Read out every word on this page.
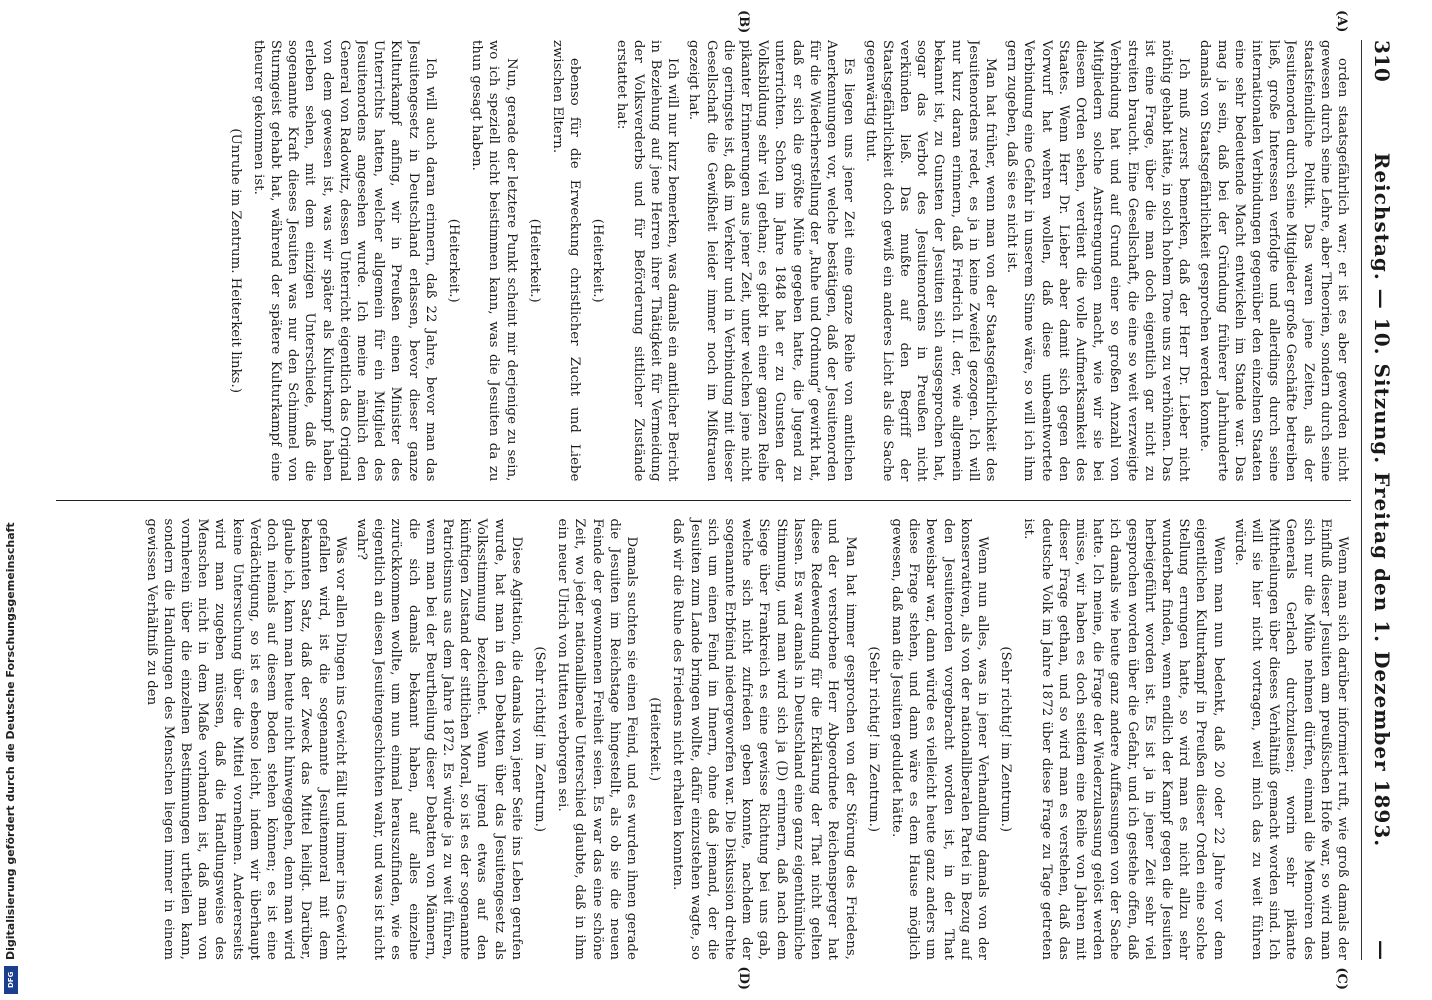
310
Reichstag. — 10. Sitzung. Freitag den 1. Dezember 1893.
—
(A)
(B)

orden staatsgefährlich war; er ist es aber geworden nicht gewesen durch seine Lehre, aber Theorien, sondern durch seine staatsfeindliche Politik. Das waren jene Zeiten, als der Jesuitenorden durch seine Mitglieder große Geschäfte betreiben ließ, große Interessen verfolgte und allerdings durch seine internationalen Verbindungen gegenüber den einzelnen Staaten eine sehr bedeutende Macht entwickeln im Stande war. Das mag ja sein, daß bei der Gründung früherer Jahrhunderte damals von Staatsgefährlichkeit gesprochen werden konnte.

Ich muß zuerst bemerken, daß der Herr Dr. Lieber nicht nöthig gehabt hätte, in solch hohem Tone uns zu verhöhnen. Das ist eine Frage, über die man doch eigentlich gar nicht zu streiten braucht. Eine Gesellschaft, die eine so weit verzweigte Verbindung hat und auf Grund einer so großen Anzahl von Mitgliedern solche Anstrengungen macht, wie wir sie bei diesem Orden sehen, verdient die volle Aufmerksamkeit des Staates. Wenn Herr Dr. Lieber aber damit sich gegen den Vorwurf hat wehren wollen, daß diese unbeantwortete Verbindung eine Gefahr in unserem Sinne wäre, so will ich ihm gern zugeben, daß sie es nicht ist.

Man hat früher, wenn man von der Staatsgefährlichkeit des Jesuitenordens redet, es ja in keine Zweifel gezogen. Ich will nur kurz daran erinnern, daß Friedrich II. der, wie allgemein bekannt ist, zu Gunsten der Jesuiten sich ausgesprochen hat, sogar das Verbot des Jesuitenordens in Preußen nicht verkünden ließ. Das mußte auf den Begriff der Staatsgefährlichkeit doch gewiß ein anderes Licht als die Sache gegenwärtig thut.

Es liegen uns jener Zeit eine ganze Reihe von amtlichen Anerkennungen vor, welche bestätigen, daß der Jesuitenorden für die Wiederherstellung der „Ruhe und Ordnung“ gewirkt hat, daß er sich die größte Mühe gegeben hatte, die Jugend zu unterrichten. Schon im Jahre 1848 hat er zu Gunsten der Volksbildung sehr viel gethan; es giebt in einer ganzen Reihe pikanter Erinnerungen aus jener Zeit, unter welchen jene nicht die geringste ist, daß im Verkehr und in Verbindung mit dieser Gesellschaft die Gewißheit leider immer noch im Mißtrauen gezeigt hat.

Ich will nur kurz bemerken, was damals ein amtlicher Bericht in Beziehung auf jene Herren ihrer Thätigkeit für Vermeidung der Volksverderbs und für Beförderung sittlicher Zustände erstattet hat:

(Heiterkeit.)

ebenso für die Erweckung christlicher Zucht und Liebe zwischen Eltern.

(Heiterkeit.)

Nun, gerade der letztere Punkt scheint mir derjenige zu sein, wo ich speziell nicht beistimmen kann, was die Jesuiten da zu thun gesagt haben.

(Heiterkeit.)

Ich will auch daran erinnern, daß 22 Jahre, bevor man das Jesuitengesetz in Deutschland erlassen, bevor dieser ganze Kulturkampf anfing, wir in Preußen einen Minister des Unterrichts hatten, welcher allgemein für ein Mitglied des Jesuitenordens angesehen wurde. Ich meine nämlich den General von Radowitz, dessen Unterricht eigentlich das Original von dem gewesen ist, was wir später als Kulturkampf haben erleben sehen, mit dem einzigen Unterschiede, daß die sogenannte Kraft dieses Jesuiten was nur den Schimmel von Sturmgeist gehabt hat, während der spätere Kulturkampf eine theurer gekommen ist.

(Unruhe im Zentrum. Heiterkeit links.)

Wenn man sich darüber informiert ruft, wie groß damals der Einfluß dieser Jesuiten am preußischen Hofe war, so wird man sich nur die Mühe nehmen dürfen, einmal die Memoiren des Generals Gerlach durchzulesen; worin sehr pikante Mittheilungen über dieses Verhältniß gemacht worden sind. Ich will sie hier nicht vortragen, weil mich das zu weit führen würde.

Wenn man nun bedenkt, daß 20 oder 22 Jahre vor dem eigentlichen Kulturkampf in Preußen dieser Orden eine solche Stellung errungen hatte, so wird man es nicht allzu sehr wunderbar finden, wenn endlich der Kampf gegen die Jesuiten herbeigeführt worden ist. Es ist ja in jener Zeit sehr viel gesprochen worden über die Gefahr, und ich gestehe offen, daß ich damals wie heute ganz andere Auffassungen von der Sache hatte. Ich meine, die Frage der Wiederzulassung gelöst werden müsse, wir haben es doch seitdem eine Reihe von Jahren mit dieser Frage gethan, und so wird man es verstehen, daß das deutsche Volk im Jahre 1872 über diese Frage zu Tage getreten ist.

(Sehr richtig! im Zentrum.)

Wenn nun alles, was in jener Verhandlung damals von der konservativen, als von der nationalliberalen Partei in Bezug auf den Jesuitenorden vorgebracht worden ist, in der That beweisbar war, dann würde es vielleicht heute ganz anders um diese Frage stehen, und dann wäre es dem Hause möglich gewesen, daß man die Jesuiten geduldet hätte.

(Sehr richtig! im Zentrum.)

Man hat immer gesprochen von der Störung des Friedens, und der verstorbene Herr Abgeordnete Reichensperger hat diese Redewendung für die Erklärung der That nicht gelten lassen. Es war damals in Deutschland eine ganz eigenthümliche Stimmung, und man wird sich ja (D) erinnern, daß nach dem Siege über Frankreich es eine gewisse Richtung bei uns gab, welche sich nicht zufrieden geben konnte, nachdem der sogenannte Erbfeind niedergeworfen war. Die Diskussion drehte sich um einen Feind im Innern, ohne daß jemand, der die Jesuiten zum Lande bringen wollte, dafür einzustehen wagte, so daß wir die Ruhe des Friedens nicht erhalten konnten.

(Heiterkeit.)

Damals suchten sie einen Feind, und es wurden ihnen gerade die Jesuiten im Reichstage hingestellt, als ob sie die neuen Feinde der gewonnenen Freiheit seien. Es war das eine schöne Zeit, wo jeder nationalliberale Unterschied glaubte, daß in ihm ein neuer Ulrich von Hutten verborgen sei.

(Sehr richtig! im Zentrum.)

Diese Agitation, die damals von jener Seite ins Leben gerufen wurde, hat man in den Debatten über das Jesuitengesetz als Volksstimmung bezeichnet. Wenn irgend etwas auf den künftigen Zustand der sittlichen Moral, so ist es der sogenannte Patriotismus aus dem Jahre 1872. Es würde ja zu weit führen, wenn man bei der Beurtheilung dieser Debatten von Männern, die sich damals bekannt haben, auf alles einzelne zurückkommen wollte, um nun einmal herauszufinden, wie es eigentlich an diesen Jesuitengeschichten wahr, und was ist nicht wahr?

Was vor allen Dingen ins Gewicht fällt und immer ins Gewicht gefallen wird, ist die sogenannte Jesuitenmoral mit dem bekannten Satz, daß der Zweck das Mittel heiligt. Darüber, glaube ich, kann man heute nicht hinweggehen, denn man wird doch niemals auf diesem Boden stehen können; es ist eine Verdächtigung, so ist es ebenso leicht, indem wir überhaupt keine Untersuchung über die Mittel vornehmen. Andererseits wird man zugeben müssen, daß die Handlungsweise des Menschen nicht in dem Maße vorhanden ist, daß man von vornherein über die einzelnen Bestimmungen urtheilen kann, sondern die Handlungen des Menschen liegen immer in einem gewissen Verhältniß zu den

(C)
(D)
Digitalisierung gefördert durch die Deutsche Forschungsgemeinschaft
DFG
